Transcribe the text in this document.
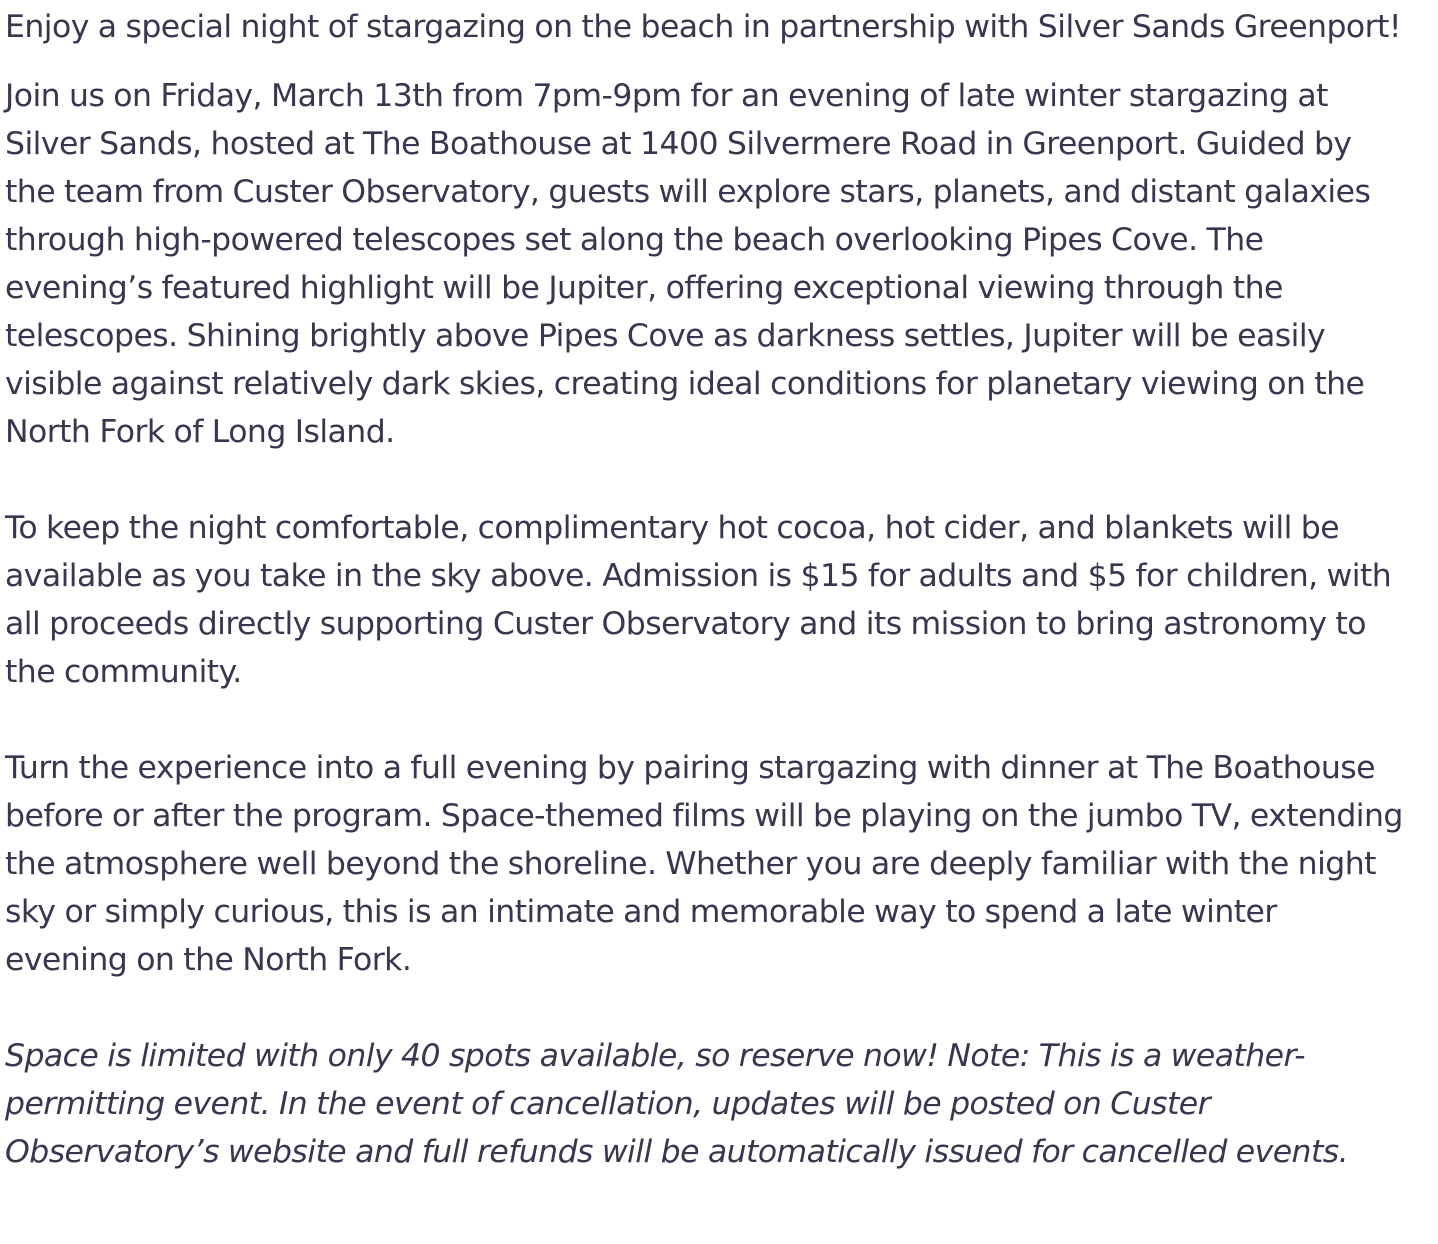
Enjoy a special night of stargazing on the beach in partnership with Silver Sands Greenport!

Join us on Friday, March 13th from 7pm-9pm for an evening of late winter stargazing at Silver Sands, hosted at The Boathouse at 1400 Silvermere Road in Greenport. Guided by the team from Custer Observatory, guests will explore stars, planets, and distant galaxies through high-powered telescopes set along the beach overlooking Pipes Cove. The evening’s featured highlight will be Jupiter, offering exceptional viewing through the telescopes. Shining brightly above Pipes Cove as darkness settles, Jupiter will be easily visible against relatively dark skies, creating ideal conditions for planetary viewing on the North Fork of Long Island.

To keep the night comfortable, complimentary hot cocoa, hot cider, and blankets will be available as you take in the sky above. Admission is $15 for adults and $5 for children, with all proceeds directly supporting Custer Observatory and its mission to bring astronomy to the community.

Turn the experience into a full evening by pairing stargazing with dinner at The Boathouse before or after the program. Space-themed films will be playing on the jumbo TV, extending the atmosphere well beyond the shoreline. Whether you are deeply familiar with the night sky or simply curious, this is an intimate and memorable way to spend a late winter evening on the North Fork.

Space is limited with only 40 spots available, so reserve now! Note: This is a weather-permitting event. In the event of cancellation, updates will be posted on Custer Observatory’s website and full refunds will be automatically issued for cancelled events.
